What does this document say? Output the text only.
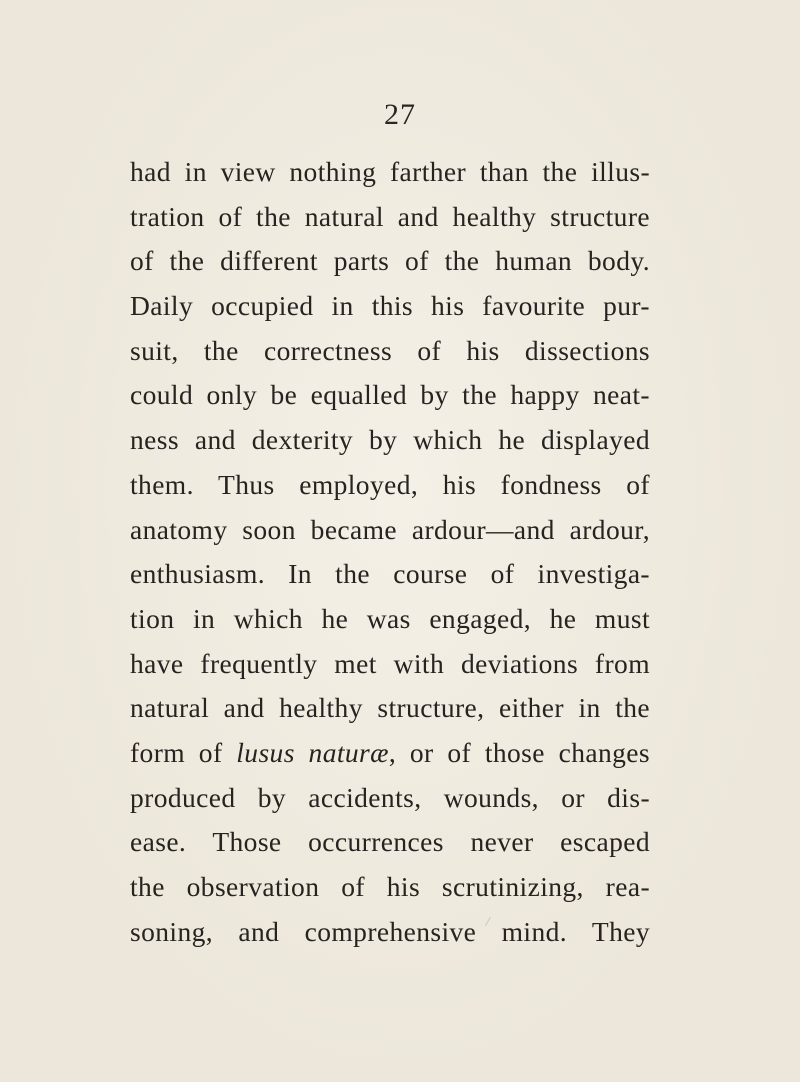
27
had in view nothing farther than the illus-
tration of the natural and healthy structure
of the different parts of the human body.
Daily occupied in this his favourite pur-
suit, the correctness of his dissections
could only be equalled by the happy neat-
ness and dexterity by which he displayed
them. Thus employed, his fondness of
anatomy soon became ardour—and ardour,
enthusiasm. In the course of investiga-
tion in which he was engaged, he must
have frequently met with deviations from
natural and healthy structure, either in the
form of lusus naturæ, or of those changes
produced by accidents, wounds, or dis-
ease. Those occurrences never escaped
the observation of his scrutinizing, rea-
soning, and comprehensive mind. They
